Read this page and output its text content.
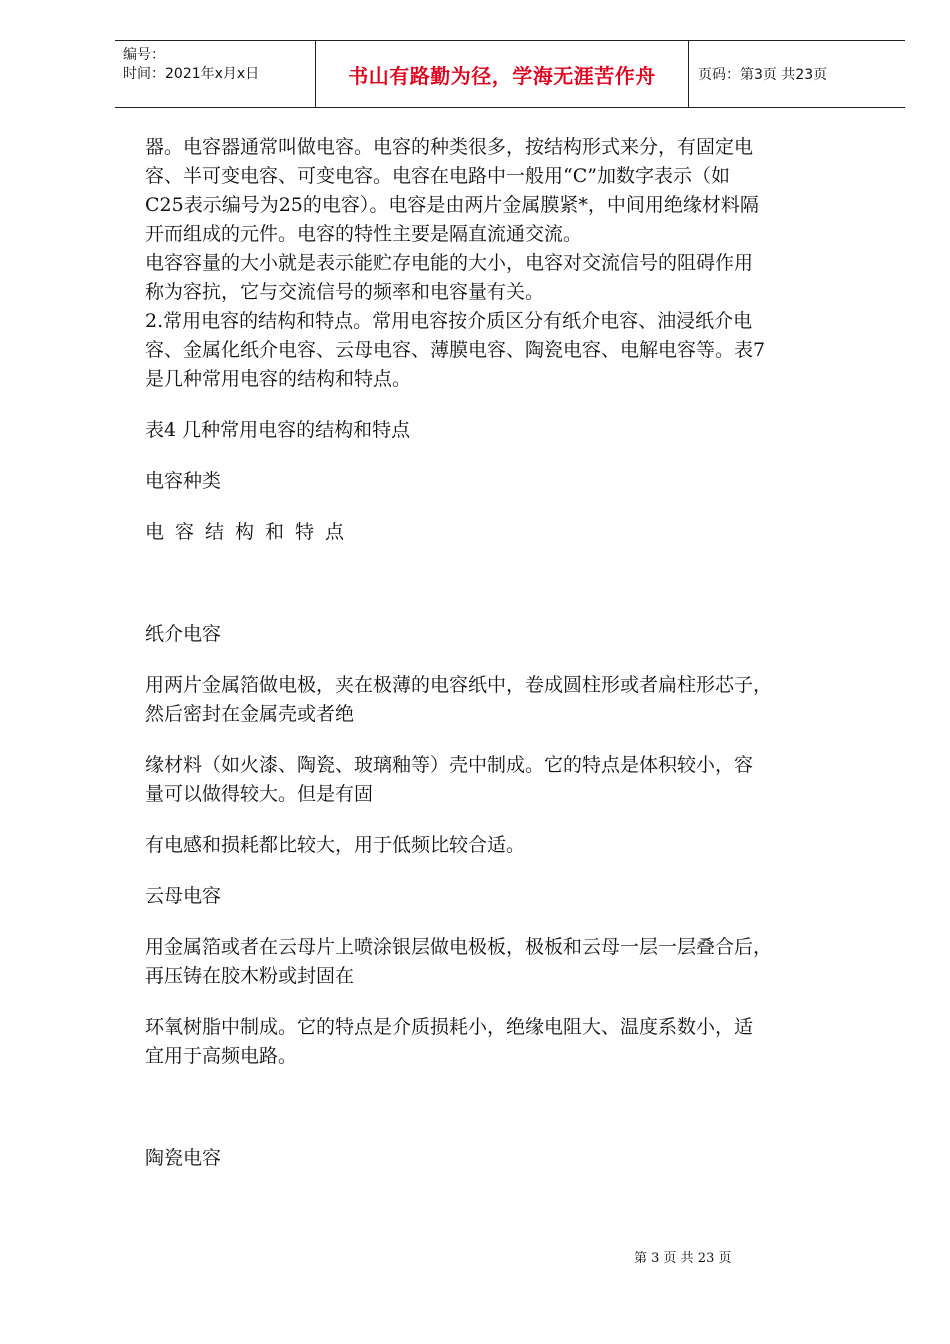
编号：
时间：2021年x月x日	书山有路勤为径，学海无涯苦作舟	页码：第3页 共23页

器。电容器通常叫做电容。电容的种类很多，按结构形式来分，有固定电
容、半可变电容、可变电容。电容在电路中一般用“C”加数字表示（如
C25表示编号为25的电容）。电容是由两片金属膜紧*，中间用绝缘材料隔
开而组成的元件。电容的特性主要是隔直流通交流。

电容容量的大小就是表示能贮存电能的大小，电容对交流信号的阻碍作用
称为容抗，它与交流信号的频率和电容量有关。

2.常用电容的结构和特点。常用电容按介质区分有纸介电容、油浸纸介电
容、金属化纸介电容、云母电容、薄膜电容、陶瓷电容、电解电容等。表7
是几种常用电容的结构和特点。

表4 几种常用电容的结构和特点

电容种类

电容结构和特点

纸介电容

用两片金属箔做电极，夹在极薄的电容纸中，卷成圆柱形或者扁柱形芯子，
然后密封在金属壳或者绝

缘材料（如火漆、陶瓷、玻璃釉等）壳中制成。它的特点是体积较小，容
量可以做得较大。但是有固

有电感和损耗都比较大，用于低频比较合适。

云母电容

用金属箔或者在云母片上喷涂银层做电极板，极板和云母一层一层叠合后，
再压铸在胶木粉或封固在

环氧树脂中制成。它的特点是介质损耗小，绝缘电阻大、温度系数小，适
宜用于高频电路。

陶瓷电容

第 3 页 共 23 页
